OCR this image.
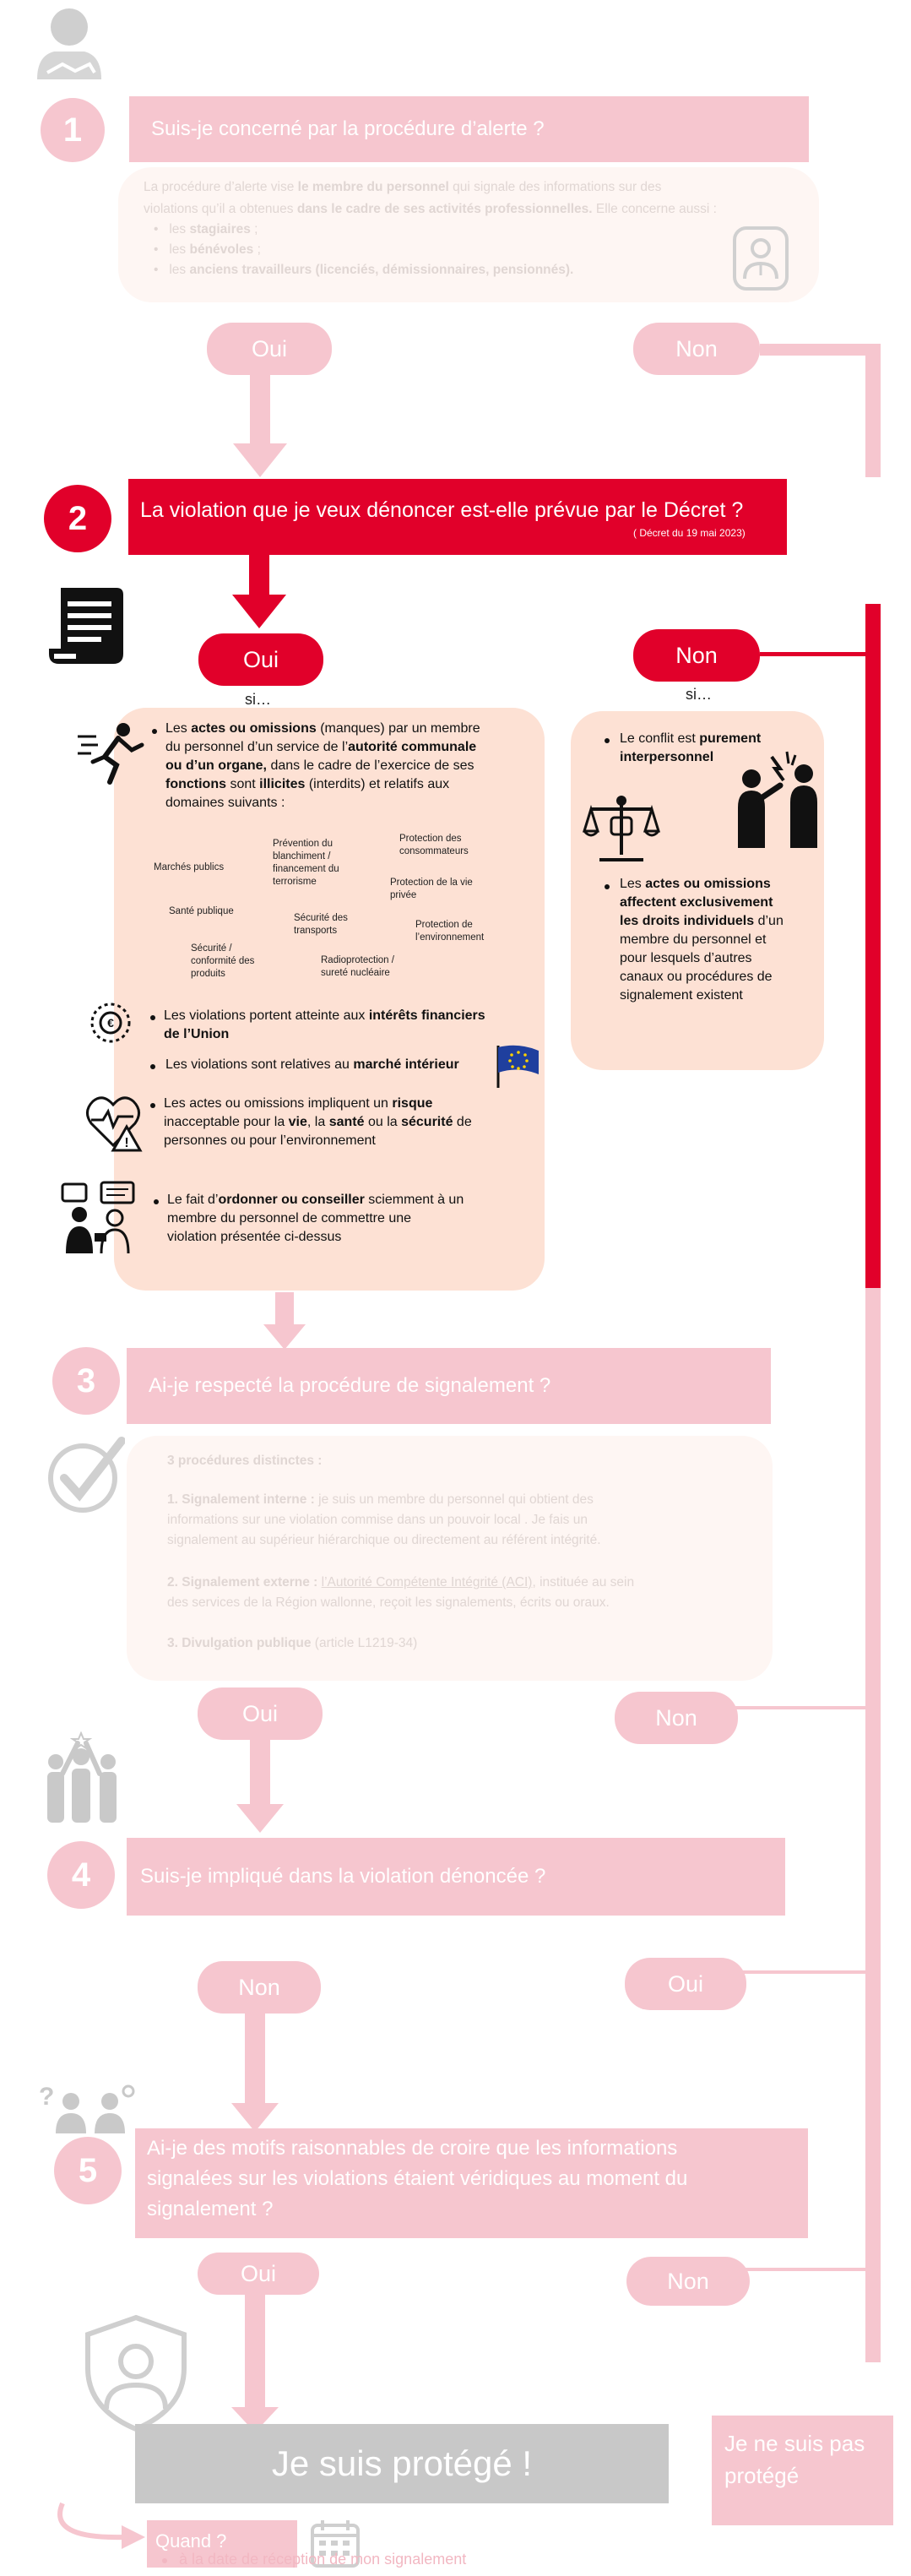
1	Suis-je concerné par la procédure d’alerte ?
La procédure d’alerte vise le membre du personnel qui signale des informations sur des
violations qu’il a obtenues dans le cadre de ses activités professionnelles. Elle concerne aussi :
•   les stagiaires ;
•   les bénévoles ;
•   les anciens travailleurs (licenciés, démissionnaires, pensionnés).
Oui	Non
2	La violation que je veux dénoncer est-elle prévue par le Décret ?
( Décret du 19 mai 2023)
Oui	Non
si…	si…
Les actes ou omissions (manques) par un membre
du personnel d’un service de l’autorité communale
ou d’un organe, dans le cadre de l’exercice de ses
fonctions sont illicites (interdits) et relatifs aux
domaines suivants :
Marchés publics
Prévention du blanchiment / financement du terrorisme
Protection des consommateurs
Protection de la vie privée
Santé publique
Sécurité des transports
Protection de l’environnement
Sécurité / conformité des produits
Radioprotection / sureté nucléaire
€	Les violations portent atteinte aux intérêts financiers
de l’Union
Les violations sont relatives au marché intérieur
!
Les actes ou omissions impliquent un risque
inacceptable pour la vie, la santé ou la sécurité de
personnes ou pour l’environnement
Le fait d’ordonner ou conseiller sciemment à un
membre du personnel de commettre une
violation présentée ci-dessus
Le conflit est purement
interpersonnel
Les actes ou omissions
affectent exclusivement
les droits individuels d’un
membre du personnel et
pour lesquels d’autres
canaux ou procédures de
signalement existent
3	Ai-je respecté la procédure de signalement ?
3 procédures distinctes :
1. Signalement interne : je suis un membre du personnel qui obtient des
informations sur une violation commise dans un pouvoir local . Je fais un
signalement au supérieur hiérarchique ou directement au référent intégrité.
2. Signalement externe : l’Autorité Compétente Intégrité (ACI), instituée au sein
des services de la Région wallonne, reçoit les signalements, écrits ou oraux.
3. Divulgation publique (article L1219-34)
Oui	Non
4	Suis-je impliqué dans la violation dénoncée ?
Non	Oui
?
5
Ai-je des motifs raisonnables de croire que les informations
signalées sur les violations étaient véridiques au moment du
signalement ?
Oui	Non
Je suis protégé !	Je ne suis pas
protégé
Quand ?
à la date de réception de mon signalement
